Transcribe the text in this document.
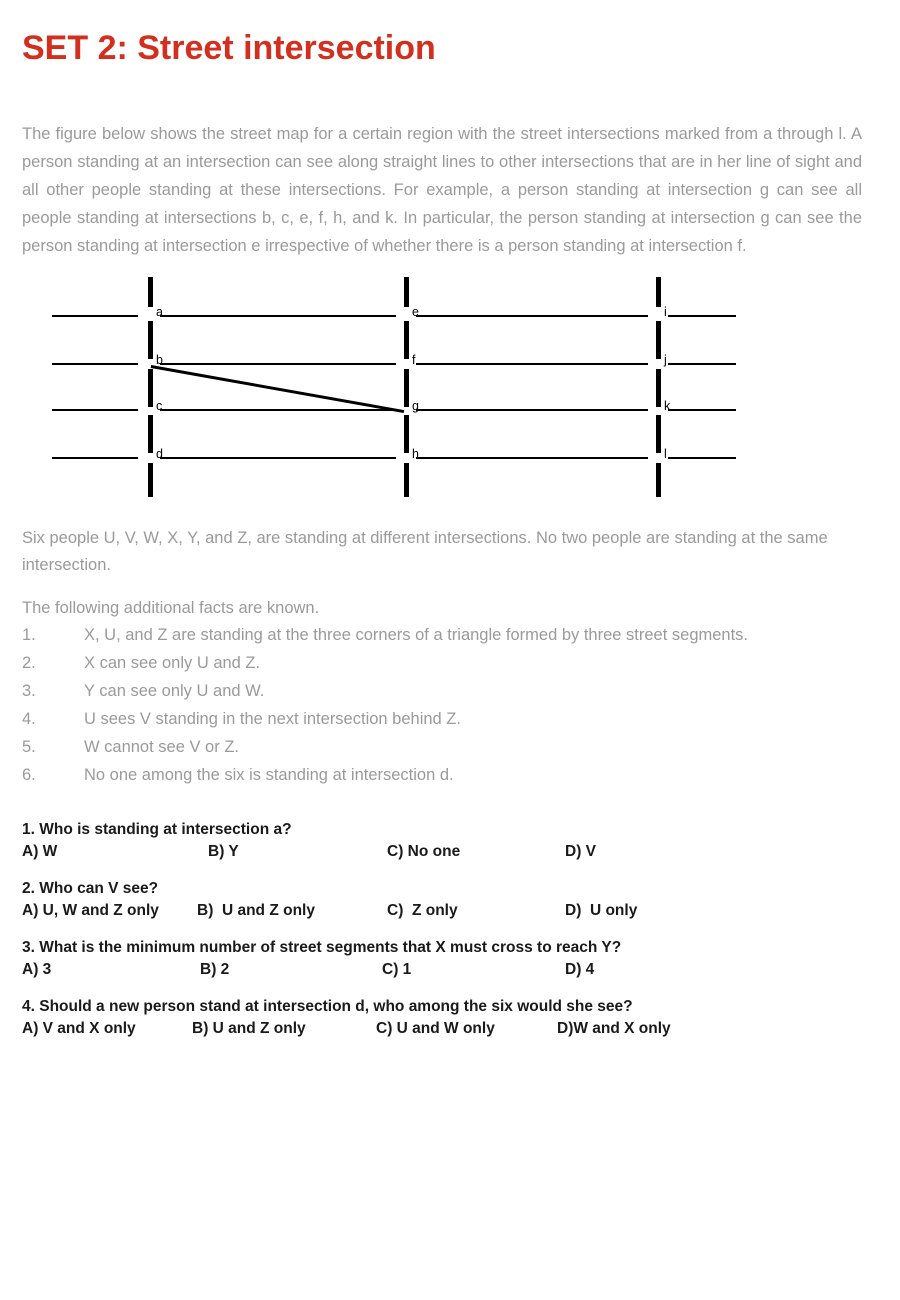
SET 2: Street intersection

The figure below shows the street map for a certain region with the street intersections marked from a through l. A person standing at an intersection can see along straight lines to other intersections that are in her line of sight and all other people standing at these intersections. For example, a person standing at intersection g can see all people standing at intersections b, c, e, f, h, and k. In particular, the person standing at intersection g can see the person standing at intersection e irrespective of whether there is a person standing at intersection f.

a
b
c
d
e
f
g
h
i
j
k
l

Six people U, V, W, X, Y, and Z, are standing at different intersections. No two people are standing at the same intersection.

The following additional facts are known.
1.	X, U, and Z are standing at the three corners of a triangle formed by three street segments.
2.	X can see only U and Z.
3.	Y can see only U and W.
4.	U sees V standing in the next intersection behind Z.
5.	W cannot see V or Z.
6.	No one among the six is standing at intersection d.
1. Who is standing at intersection a?
A) W	B) Y	C) No one	D) V
2. Who can V see?
A) U, W and Z only B)  U and Z only	C)  Z only	D)  U only
3. What is the minimum number of street segments that X must cross to reach Y?
A) 3	B) 2	C) 1	D) 4
4. Should a new person stand at intersection d, who among the six would she see?
A) V and X only	B) U and Z only	C) U and W only	D)W and X only
